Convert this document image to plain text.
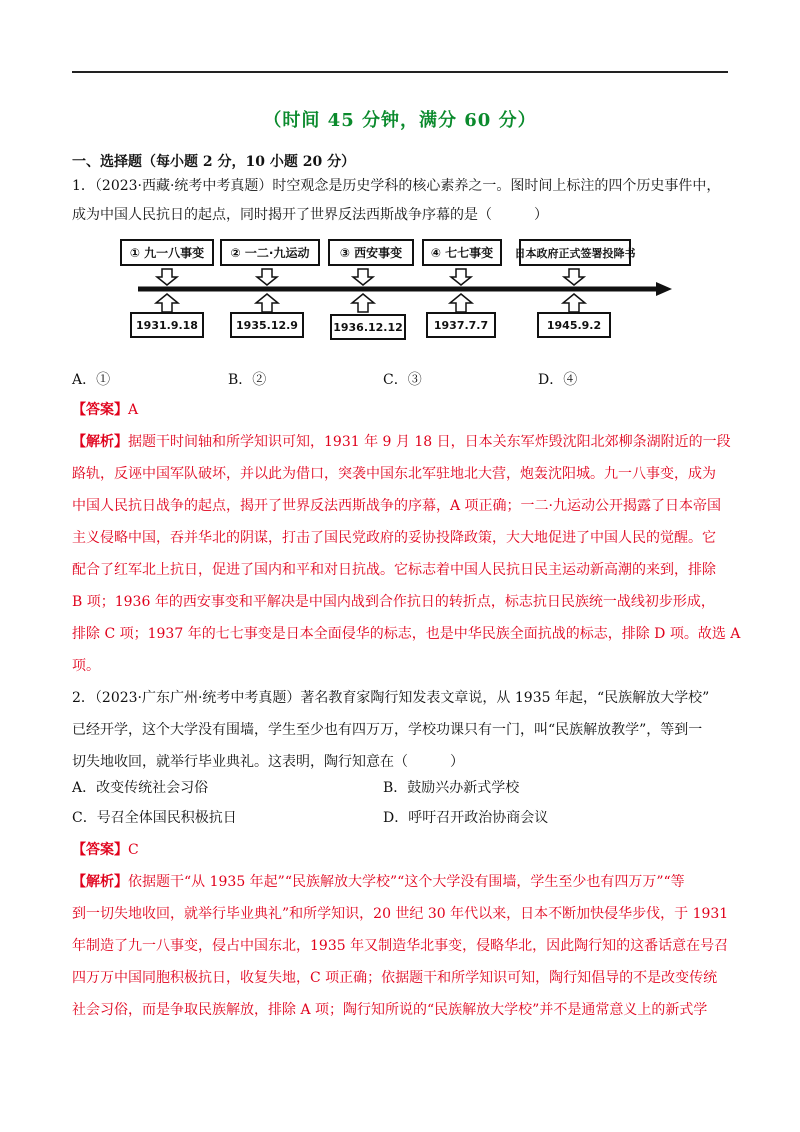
（时间 45 分钟，满分 60 分）
一、选择题（每小题 2 分，10 小题 20 分）
1．（2023·西藏·统考中考真题）时空观念是历史学科的核心素养之一。图时间上标注的四个历史事件中，
成为中国人民抗日的起点，同时揭开了世界反法西斯战争序幕的是（　　　）
① 九一八事变	② 一二·九运动	③ 西安事变	④ 七七事变	日本政府正式签署投降书
1931.9.18	1935.12.9	1936.12.12	1937.7.7	1945.9.2
A．①	B．②	C．③	D．④
【答案】A
【解析】据题干时间轴和所学知识可知，1931 年 9 月 18 日，日本关东军炸毁沈阳北郊柳条湖附近的一段
路轨，反诬中国军队破坏，并以此为借口，突袭中国东北军驻地北大营，炮轰沈阳城。九一八事变，成为
中国人民抗日战争的起点，揭开了世界反法西斯战争的序幕，A 项正确；一二·九运动公开揭露了日本帝国
主义侵略中国，吞并华北的阴谋，打击了国民党政府的妥协投降政策，大大地促进了中国人民的觉醒。它
配合了红军北上抗日，促进了国内和平和对日抗战。它标志着中国人民抗日民主运动新高潮的来到，排除
B 项；1936 年的西安事变和平解决是中国内战到合作抗日的转折点，标志抗日民族统一战线初步形成，
排除 C 项；1937 年的七七事变是日本全面侵华的标志，也是中华民族全面抗战的标志，排除 D 项。故选 A
项。
2．（2023·广东广州·统考中考真题）著名教育家陶行知发表文章说，从 1935 年起，“民族解放大学校”
已经开学，这个大学没有围墙，学生至少也有四万万，学校功课只有一门，叫“民族解放教学”，等到一
切失地收回，就举行毕业典礼。这表明，陶行知意在（　　　）
A．改变传统社会习俗	B．鼓励兴办新式学校
C．号召全体国民积极抗日	D．呼吁召开政治协商会议
【答案】C
【解析】依据题干“从 1935 年起”“民族解放大学校”“这个大学没有围墙，学生至少也有四万万”“等
到一切失地收回，就举行毕业典礼”和所学知识，20 世纪 30 年代以来，日本不断加快侵华步伐，于 1931
年制造了九一八事变，侵占中国东北，1935 年又制造华北事变，侵略华北，因此陶行知的这番话意在号召
四万万中国同胞积极抗日，收复失地，C 项正确；依据题干和所学知识可知，陶行知倡导的不是改变传统
社会习俗，而是争取民族解放，排除 A 项；陶行知所说的“民族解放大学校”并不是通常意义上的新式学
